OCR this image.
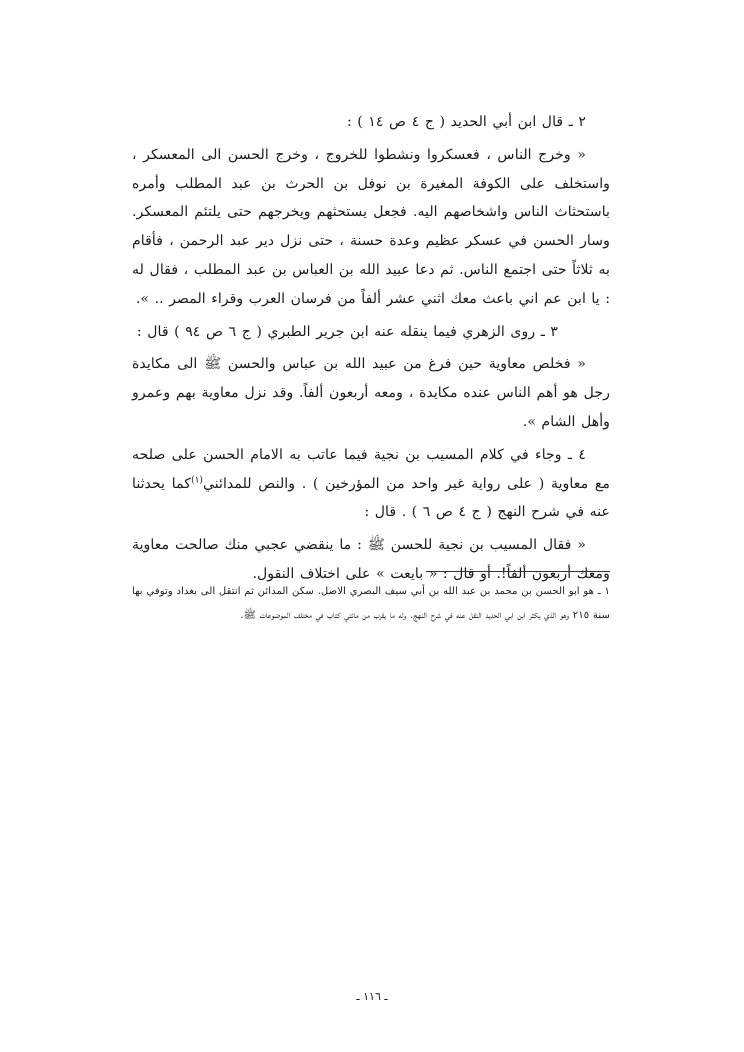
٢ ـ قال ابن أبي الحديد ( ج ٤ ص ١٤ ) :

« وخرج الناس ، فعسكروا ونشطوا للخروج ، وخرج الحسن الى المعسكر ، واستخلف على الكوفة المغيرة بن نوفل بن الحرث بن عبد المطلب وأمره باستحثاث الناس واشخاصهم اليه. فجعل يستحثهم ويخرجهم حتى يلتئم المعسكر. وسار الحسن في عسكر عظيم وعدة حسنة ، حتى نزل دير عبد الرحمن ، فأقام به ثلاثاً حتى اجتمع الناس. ثم دعا عبيد الله بن العباس بن عبد المطلب ، فقال له : يا ابن عم اني باعث معك اثني عشر ألفاً من فرسان العرب وقراء المصر .. ».

٣ ـ روى الزهري فيما ينقله عنه ابن جرير الطبري ( ج ٦ ص ٩٤ ) قال :

« فخلص معاوية حين فرغ من عبيد الله بن عباس والحسن ﷺ الى مكايدة رجل هو أهم الناس عنده مكايدة ، ومعه أربعون ألفاً. وقد نزل معاوية بهم وعمرو وأهل الشام ».

٤ ـ وجاء في كلام المسيب بن نجية فيما عاتب به الامام الحسن على صلحه مع معاوية ( على رواية غير واحد من المؤرخين ) . والنص للمدائني$^{(١)}$كما يحدثنا عنه في شرح النهج ( ج ٤ ص ٦ ) . قال :

« فقال المسيب بن نجية للحسن ﷺ : ما ينقضي عجبي منك صالحت معاوية ومعك أربعون ألفاً!. أو قال : « بايعت » على اختلاف النقول.

١ ـ هو ابو الحسن بن محمد بن عبد الله بن أبي سيف البصري الاصل. سكن المدائن ثم انتقل الى بغداد وتوفي بها سنة ٢١٥ وهو الذي يكثر ابن ابي الحديد النقل عنه في شرح النهج. وله ما يقرب من مائتي كتاب في مختلف الموضوعات ﷺ.

ـ ١١٦ ـ
